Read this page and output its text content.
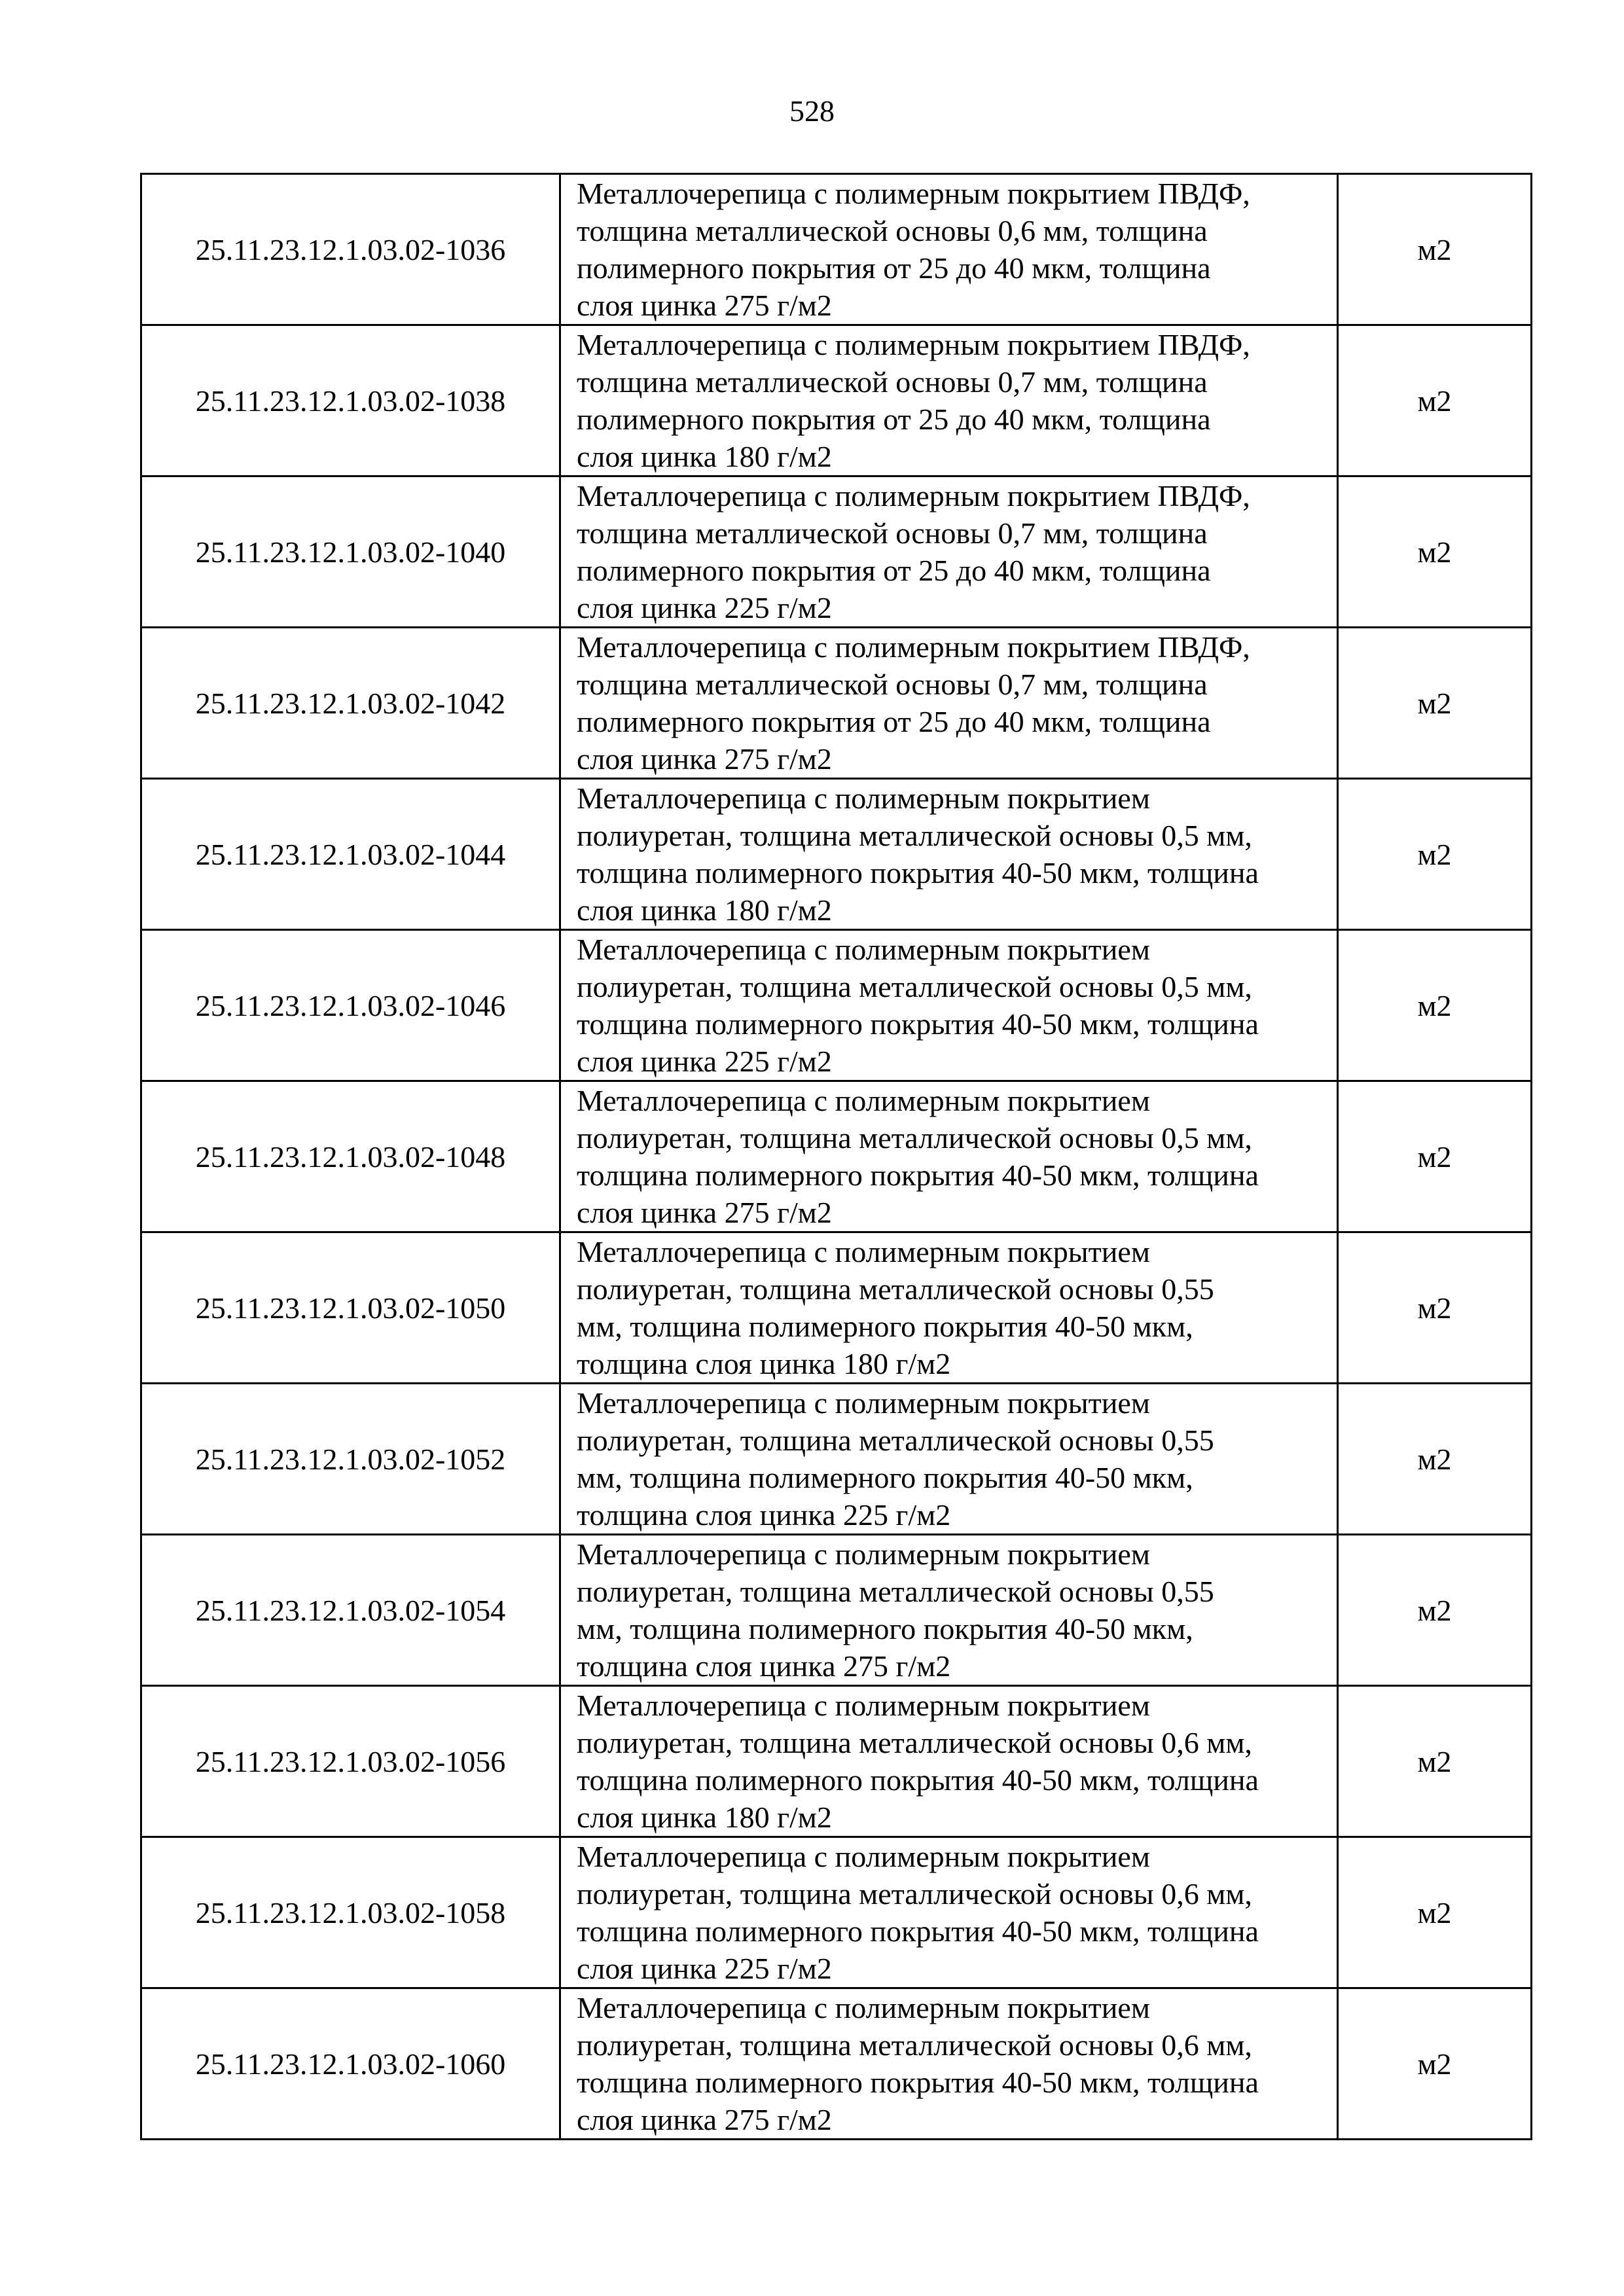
528
25.11.23.12.1.03.02-1036	Металлочерепица с полимерным покрытием ПВДФ,
толщина металлической основы 0,6 мм, толщина
полимерного покрытия от 25 до 40 мкм, толщина
слоя цинка 275 г/м2	м2
25.11.23.12.1.03.02-1038	Металлочерепица с полимерным покрытием ПВДФ,
толщина металлической основы 0,7 мм, толщина
полимерного покрытия от 25 до 40 мкм, толщина
слоя цинка 180 г/м2	м2
25.11.23.12.1.03.02-1040	Металлочерепица с полимерным покрытием ПВДФ,
толщина металлической основы 0,7 мм, толщина
полимерного покрытия от 25 до 40 мкм, толщина
слоя цинка 225 г/м2	м2
25.11.23.12.1.03.02-1042	Металлочерепица с полимерным покрытием ПВДФ,
толщина металлической основы 0,7 мм, толщина
полимерного покрытия от 25 до 40 мкм, толщина
слоя цинка 275 г/м2	м2
25.11.23.12.1.03.02-1044	Металлочерепица с полимерным покрытием
полиуретан, толщина металлической основы 0,5 мм,
толщина полимерного покрытия 40-50 мкм, толщина
слоя цинка 180 г/м2	м2
25.11.23.12.1.03.02-1046	Металлочерепица с полимерным покрытием
полиуретан, толщина металлической основы 0,5 мм,
толщина полимерного покрытия 40-50 мкм, толщина
слоя цинка 225 г/м2	м2
25.11.23.12.1.03.02-1048	Металлочерепица с полимерным покрытием
полиуретан, толщина металлической основы 0,5 мм,
толщина полимерного покрытия 40-50 мкм, толщина
слоя цинка 275 г/м2	м2
25.11.23.12.1.03.02-1050	Металлочерепица с полимерным покрытием
полиуретан, толщина металлической основы 0,55
мм, толщина полимерного покрытия 40-50 мкм,
толщина слоя цинка 180 г/м2	м2
25.11.23.12.1.03.02-1052	Металлочерепица с полимерным покрытием
полиуретан, толщина металлической основы 0,55
мм, толщина полимерного покрытия 40-50 мкм,
толщина слоя цинка 225 г/м2	м2
25.11.23.12.1.03.02-1054	Металлочерепица с полимерным покрытием
полиуретан, толщина металлической основы 0,55
мм, толщина полимерного покрытия 40-50 мкм,
толщина слоя цинка 275 г/м2	м2
25.11.23.12.1.03.02-1056	Металлочерепица с полимерным покрытием
полиуретан, толщина металлической основы 0,6 мм,
толщина полимерного покрытия 40-50 мкм, толщина
слоя цинка 180 г/м2	м2
25.11.23.12.1.03.02-1058	Металлочерепица с полимерным покрытием
полиуретан, толщина металлической основы 0,6 мм,
толщина полимерного покрытия 40-50 мкм, толщина
слоя цинка 225 г/м2	м2
25.11.23.12.1.03.02-1060	Металлочерепица с полимерным покрытием
полиуретан, толщина металлической основы 0,6 мм,
толщина полимерного покрытия 40-50 мкм, толщина
слоя цинка 275 г/м2	м2
